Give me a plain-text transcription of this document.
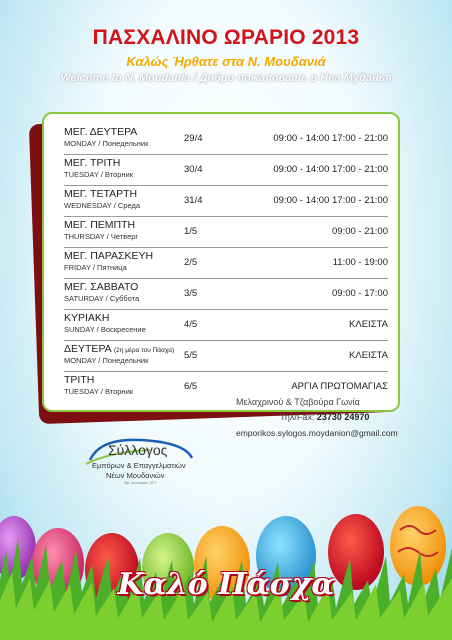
ΠΑΣΧΑΛΙΝΟ ΩΡΑΡΙΟ 2013
Καλώς Ήρθατε στα Ν. Μουδανιά
Welcome to N. Moudania / Добро пожаловать в Неа Муданья
ΜΕΓ. ΔΕΥΤΕΡΑ
MONDAY / Понедельник	29/4	09:00 - 14:00 17:00 - 21:00
ΜΕΓ. ΤΡΙΤΗ
TUESDAY / Вторник	30/4	09:00 - 14:00 17:00 - 21:00
ΜΕΓ. ΤΕΤΑΡΤΗ
WEDNESDAY / Среда	31/4	09:00 - 14:00 17:00 - 21:00
ΜΕΓ. ΠΕΜΠΤΗ
THURSDAY / Четверг	1/5	09:00 - 21:00
ΜΕΓ. ΠΑΡΑΣΚΕΥΗ
FRIDAY / Пятница	2/5	11:00 - 19:00
ΜΕΓ. ΣΑΒΒΑΤΟ
SATURDAY / Суббота	3/5	09:00 - 17:00
ΚΥΡΙΑΚΗ
SUNDAY / Воскресение	4/5	ΚΛΕΙΣΤΑ
ΔΕΥΤΕΡΑ (2η μέρα του Πάσχα)
MONDAY / Понедельник	5/5	ΚΛΕΙΣΤΑ
ΤΡΙΤΗ
TUESDAY / Вторник	6/5	ΑΡΓΙΑ ΠΡΩΤΟΜΑΓΙΑΣ
Σύλλογος
Εμπόρων & Επαγγελματιών
Νέων Μουδανιών
Ίδρ. Ιανουάριος 1977
Μελαχρινού & Τζαβούρα Γωνία
Τηλ/Fax: 23730 24970
emporikos.sylogos.moydanion@gmail.com
Καλό Πάσχα
